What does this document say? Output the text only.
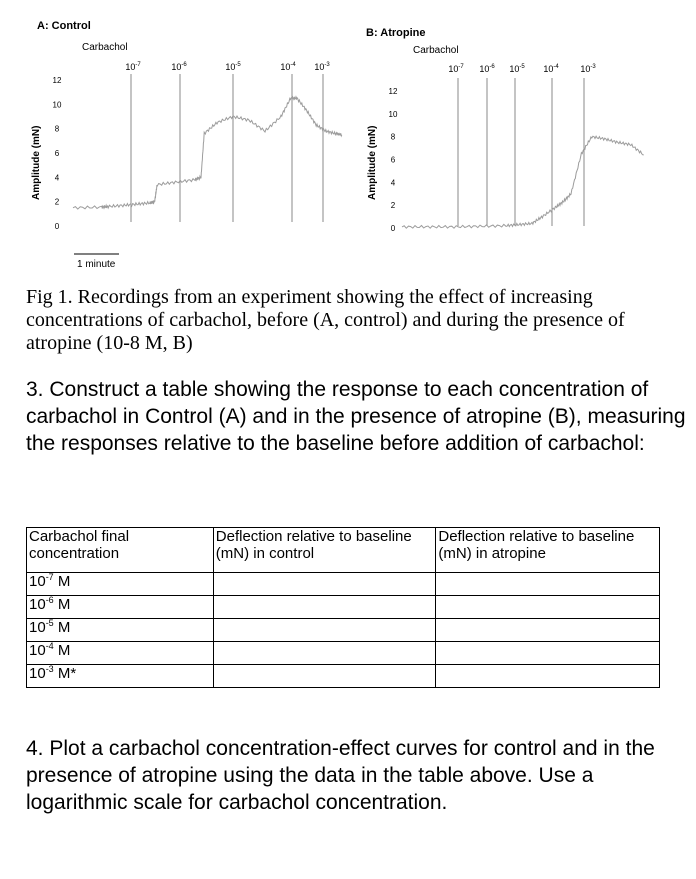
A: Control
Carbachol
Amplitude (mN)
12
10
8
6
4
2
0
$10^{-7}$	$10^{-6}$	$10^{-5}$	$10^{-4}$ $10^{-3}$
1 minute
B: Atropine
Carbachol
Amplitude (mN)
12
10
8
6
4
2
0
$10^{-7}$ $10^{-6}$ $10^{-5}$ $10^{-4}$ $10^{-3}$
Fig 1. Recordings from an experiment showing the effect of increasing concentrations of carbachol, before (A, control) and during the presence of atropine (10-8 M, B)
3. Construct a table showing the response to each concentration of carbachol in Control (A) and in the presence of atropine (B), measuring the responses relative to the baseline before addition of carbachol:
Carbachol final concentration	Deflection relative to baseline (mN) in control	Deflection relative to baseline (mN) in atropine
$10^{-7}$ M		
$10^{-6}$ M		
$10^{-5}$ M		
$10^{-4}$ M		
$10^{-3}$ M*		
4. Plot a carbachol concentration-effect curves for control and in the presence of atropine using the data in the table above. Use a logarithmic scale for carbachol concentration.
